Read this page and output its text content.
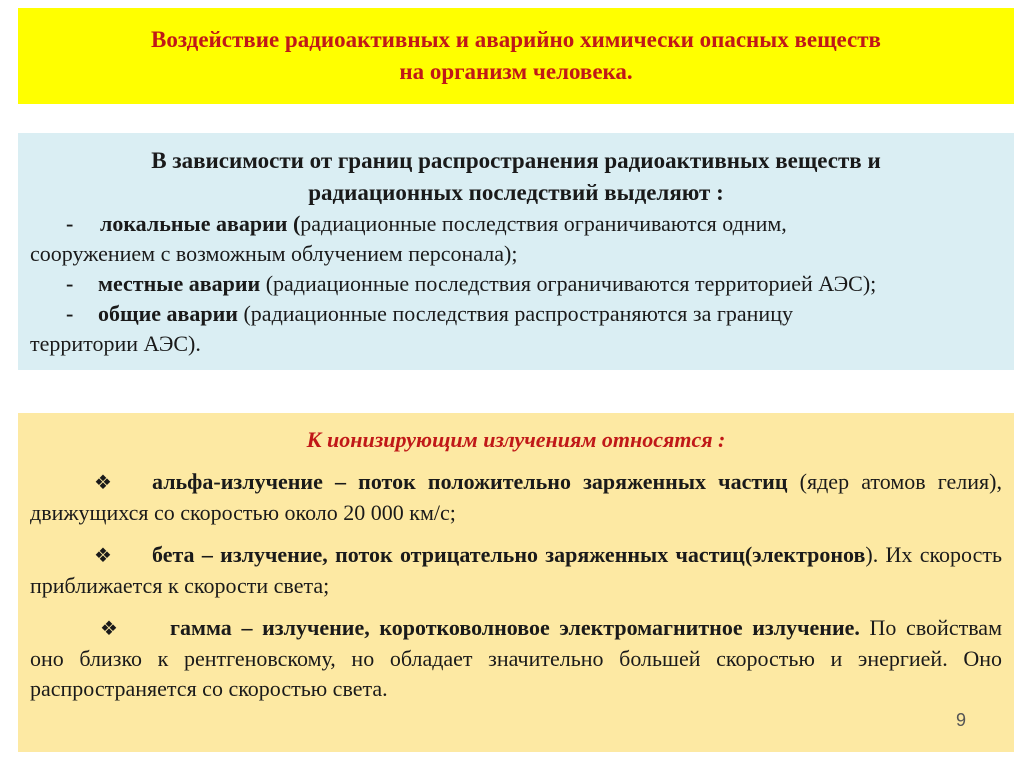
Воздействие радиоактивных и аварийно химически опасных веществ
на организм человека.
В зависимости от границ распространения радиоактивных веществ и
радиационных последствий выделяют :
- локальные аварии (радиационные последствия ограничиваются одним,
сооружением с возможным облучением персонала);
- местные аварии (радиационные последствия ограничиваются территорией АЭС);
- общие аварии (радиационные последствия распространяются за границу
территории АЭС).
К ионизирующим излучениям относятся :
❖ альфа-излучение – поток положительно заряженных частиц (ядер атомов гелия), движущихся со скоростью около 20 000 км/с;
❖ бета – излучение, поток отрицательно заряженных частиц(электронов). Их скорость приближается к скорости света;
❖ гамма – излучение, коротковолновое электромагнитное излучение. По свойствам оно близко к рентгеновскому, но обладает значительно большей скоростью и энергией. Оно распространяется со скоростью света.
9
